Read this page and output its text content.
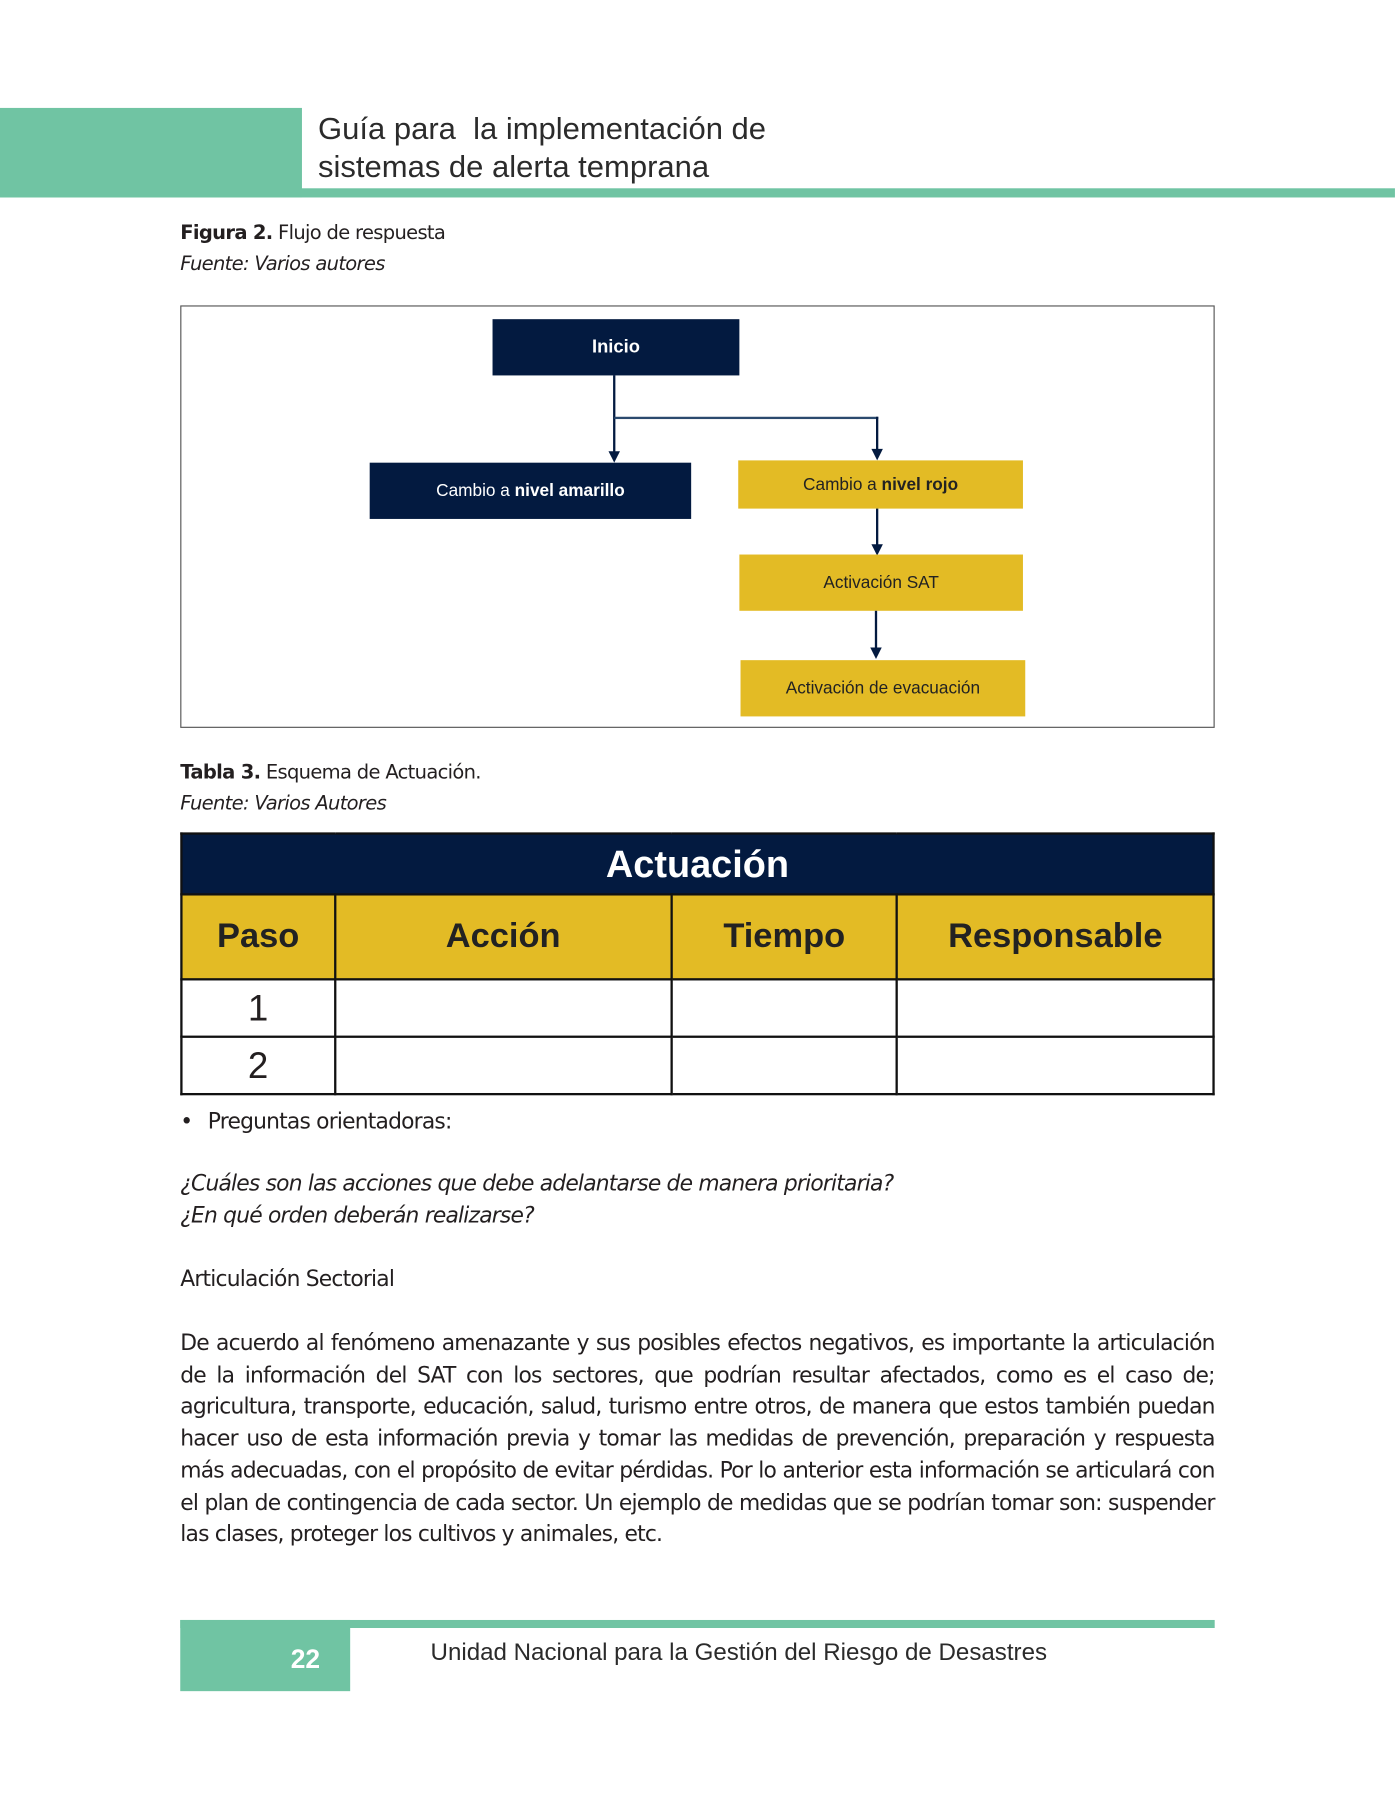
Guía para  la implementación de
sistemas de alerta temprana
Figura 2. Flujo de respuesta
Fuente: Varios autores
Inicio
Cambio a nivel amarillo	Cambio a nivel rojo
Activación SAT
Activación de evacuación
Tabla 3. Esquema de Actuación.
Fuente: Varios Autores
Actuación			
Paso	Acción	Tiempo	Responsable
1			
2			
• Preguntas orientadoras:
¿Cuáles son las acciones que debe adelantarse de manera prioritaria?
¿En qué orden deberán realizarse?
Articulación Sectorial
De acuerdo al fenómeno amenazante y sus posibles efectos negativos, es importante la articulación de la información del SAT con los sectores, que podrían resultar afectados, como es el caso de; agricultura, transporte, educación, salud, turismo entre otros, de manera que estos también puedan hacer uso de esta información previa y tomar las medidas de prevención, preparación y respuesta más adecuadas, con el propósito de evitar pérdidas. Por lo anterior esta información se articulará con el plan de contingencia de cada sector. Un ejemplo de medidas que se podrían tomar son: suspender las clases, proteger los cultivos y animales, etc.
22	Unidad Nacional para la Gestión del Riesgo de Desastres
